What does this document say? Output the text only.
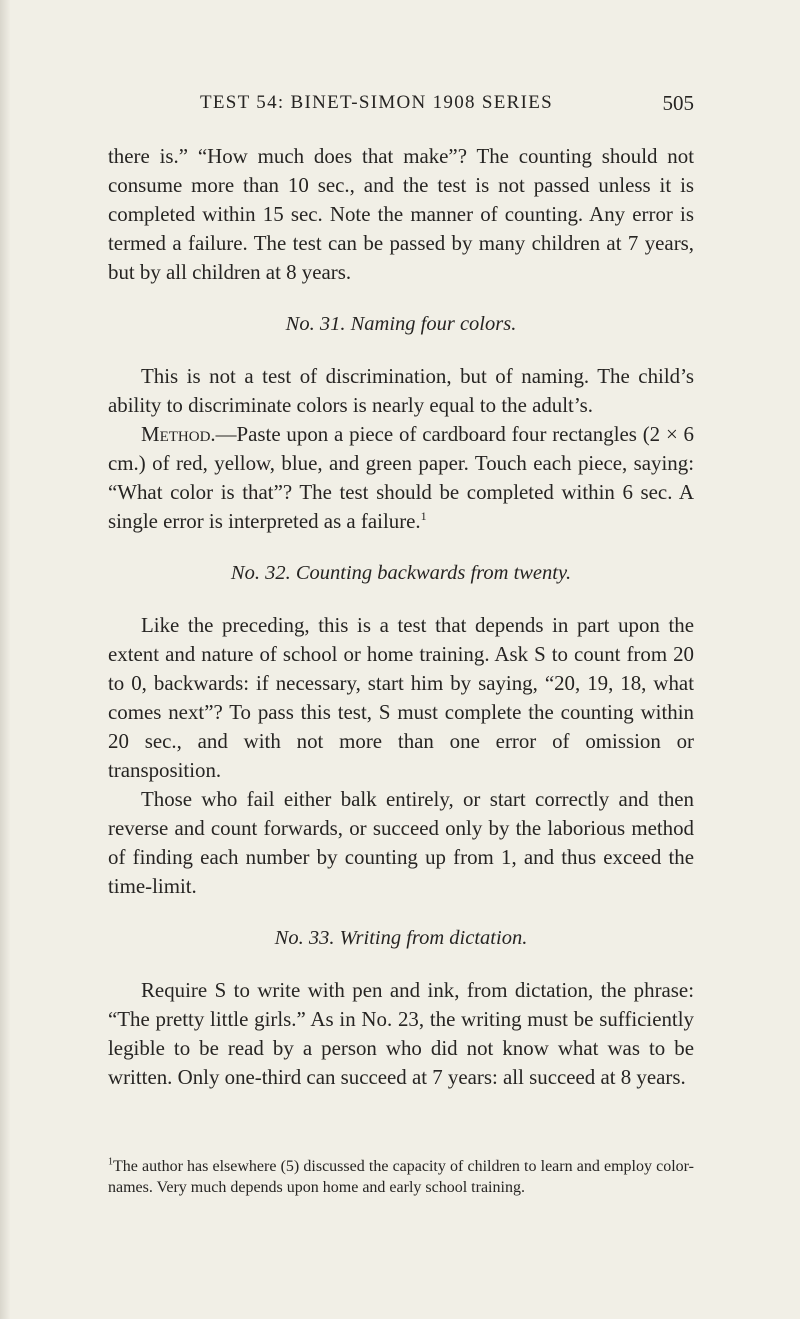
TEST 54: BINET-SIMON 1908 SERIES	505

there is.” “How much does that make”? The counting should not consume more than 10 sec., and the test is not passed unless it is completed within 15 sec. Note the manner of counting. Any error is termed a failure. The test can be passed by many children at 7 years, but by all children at 8 years.

No. 31. Naming four colors.

This is not a test of discrimination, but of naming. The child’s ability to discriminate colors is nearly equal to the adult’s.

Method.—Paste upon a piece of cardboard four rectangles (2 × 6 cm.) of red, yellow, blue, and green paper. Touch each piece, saying: “What color is that”? The test should be completed within 6 sec. A single error is interpreted as a failure.$^1$

No. 32. Counting backwards from twenty.

Like the preceding, this is a test that depends in part upon the extent and nature of school or home training. Ask S to count from 20 to 0, backwards: if necessary, start him by saying, “20, 19, 18, what comes next”? To pass this test, S must complete the counting within 20 sec., and with not more than one error of omission or transposition.

Those who fail either balk entirely, or start correctly and then reverse and count forwards, or succeed only by the laborious method of finding each number by counting up from 1, and thus exceed the time-limit.

No. 33. Writing from dictation.

Require S to write with pen and ink, from dictation, the phrase: “The pretty little girls.” As in No. 23, the writing must be sufficiently legible to be read by a person who did not know what was to be written. Only one-third can succeed at 7 years: all succeed at 8 years.

$^1$The author has elsewhere (5) discussed the capacity of children to learn and employ color-names. Very much depends upon home and early school training.
